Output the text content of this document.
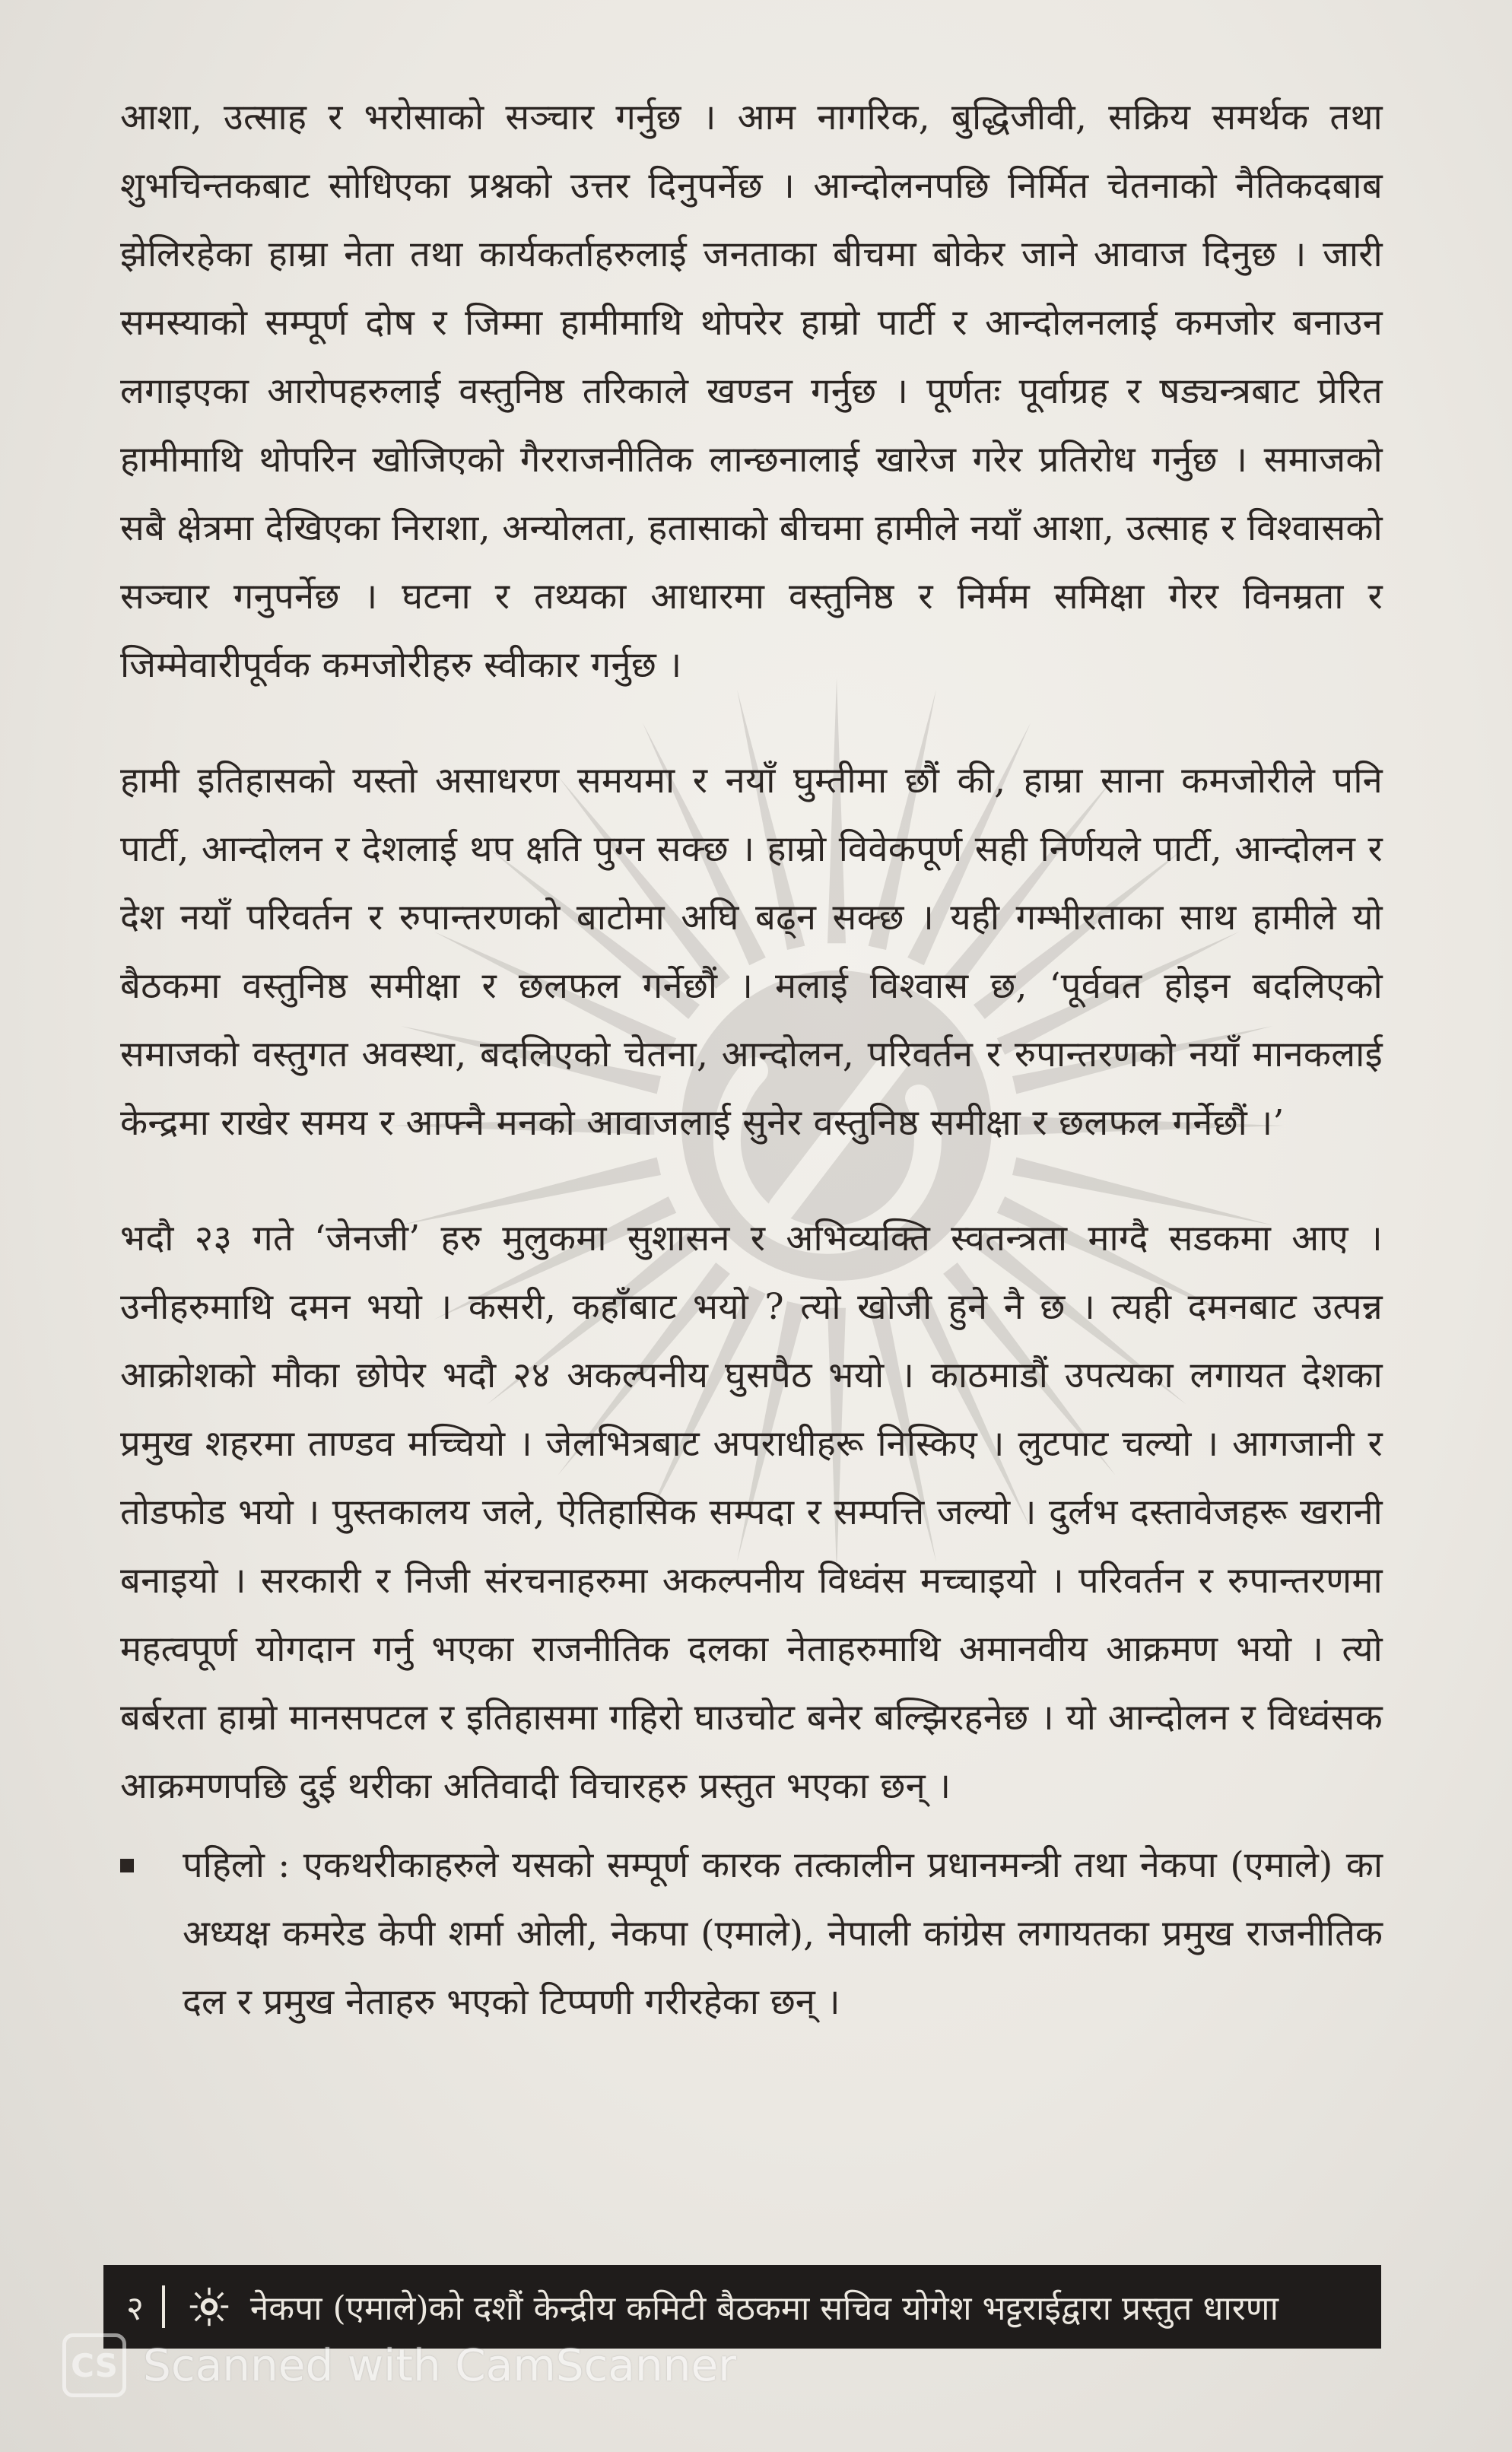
आशा, उत्साह र भरोसाको सञ्चार गर्नुछ । आम नागरिक, बुद्धिजीवी, सक्रिय समर्थक तथा शुभचिन्तकबाट सोधिएका प्रश्नको उत्तर दिनुपर्नेछ । आन्दोलनपछि निर्मित चेतनाको नैतिकदबाब झेलिरहेका हाम्रा नेता तथा कार्यकर्ताहरुलाई जनताका बीचमा बोकेर जाने आवाज दिनुछ । जारी समस्याको सम्पूर्ण दोष र जिम्मा हामीमाथि थोपरेर हाम्रो पार्टी र आन्दोलनलाई कमजोर बनाउन लगाइएका आरोपहरुलाई वस्तुनिष्ठ तरिकाले खण्डन गर्नुछ । पूर्णतः पूर्वाग्रह र षड्यन्त्रबाट प्रेरित हामीमाथि थोपरिन खोजिएको गैरराजनीतिक लान्छनालाई खारेज गरेर प्रतिरोध गर्नुछ । समाजको सबै क्षेत्रमा देखिएका निराशा, अन्योलता, हतासाको बीचमा हामीले नयाँ आशा, उत्साह र विश्वासको सञ्चार गनुपर्नेछ । घटना र तथ्यका आधारमा वस्तुनिष्ठ र निर्मम समिक्षा गेरर विनम्रता र जिम्मेवारीपूर्वक कमजोरीहरु स्वीकार गर्नुछ ।

हामी इतिहासको यस्तो असाधरण समयमा र नयाँ घुम्तीमा छौं की, हाम्रा साना कमजोरीले पनि पार्टी, आन्दोलन र देशलाई थप क्षति पुग्न सक्छ । हाम्रो विवेकपूर्ण सही निर्णयले पार्टी, आन्दोलन र देश नयाँ परिवर्तन र रुपान्तरणको बाटोमा अघि बढ्न सक्छ । यही गम्भीरताका साथ हामीले यो बैठकमा वस्तुनिष्ठ समीक्षा र छलफल गर्नेछौं । मलाई विश्वास छ, ‘पूर्ववत होइन बदलिएको समाजको वस्तुगत अवस्था, बदलिएको चेतना, आन्दोलन, परिवर्तन र रुपान्तरणको नयाँ मानकलाई केन्द्रमा राखेर समय र आफ्नै मनको आवाजलाई सुनेर वस्तुनिष्ठ समीक्षा र छलफल गर्नेछौं ।’

भदौ २३ गते ‘जेनजी’ हरु मुलुकमा सुशासन र अभिव्यक्ति स्वतन्त्रता माग्दै सडकमा आए । उनीहरुमाथि दमन भयो । कसरी, कहाँबाट भयो ? त्यो खोजी हुने नै छ । त्यही दमनबाट उत्पन्न आक्रोशको मौका छोपेर भदौ २४ अकल्पनीय घुसपैठ भयो । काठमाडौं उपत्यका लगायत देशका प्रमुख शहरमा ताण्डव मच्चियो । जेलभित्रबाट अपराधीहरू निस्किए । लुटपाट चल्यो । आगजानी र तोडफोड भयो । पुस्तकालय जले, ऐतिहासिक सम्पदा र सम्पत्ति जल्यो । दुर्लभ दस्तावेजहरू खरानी बनाइयो । सरकारी र निजी संरचनाहरुमा अकल्पनीय विध्वंस मच्चाइयो । परिवर्तन र रुपान्तरणमा महत्वपूर्ण योगदान गर्नु भएका राजनीतिक दलका नेताहरुमाथि अमानवीय आक्रमण भयो । त्यो बर्बरता हाम्रो मानसपटल र इतिहासमा गहिरो घाउचोट बनेर बल्झिरहनेछ । यो आन्दोलन र विध्वंसक आक्रमणपछि दुई थरीका अतिवादी विचारहरु प्रस्तुत भएका छन् ।

पहिलो : एकथरीकाहरुले यसको सम्पूर्ण कारक तत्कालीन प्रधानमन्त्री तथा नेकपा (एमाले) का अध्यक्ष कमरेड केपी शर्मा ओली, नेकपा (एमाले), नेपाली कांग्रेस लगायतका प्रमुख राजनीतिक दल र प्रमुख नेताहरु भएको टिप्पणी गरीरहेका छन् ।

२	नेकपा (एमाले)को दशौं केन्द्रीय कमिटी बैठकमा सचिव योगेश भट्टराईद्वारा प्रस्तुत धारणा
CS Scanned with CamScanner
